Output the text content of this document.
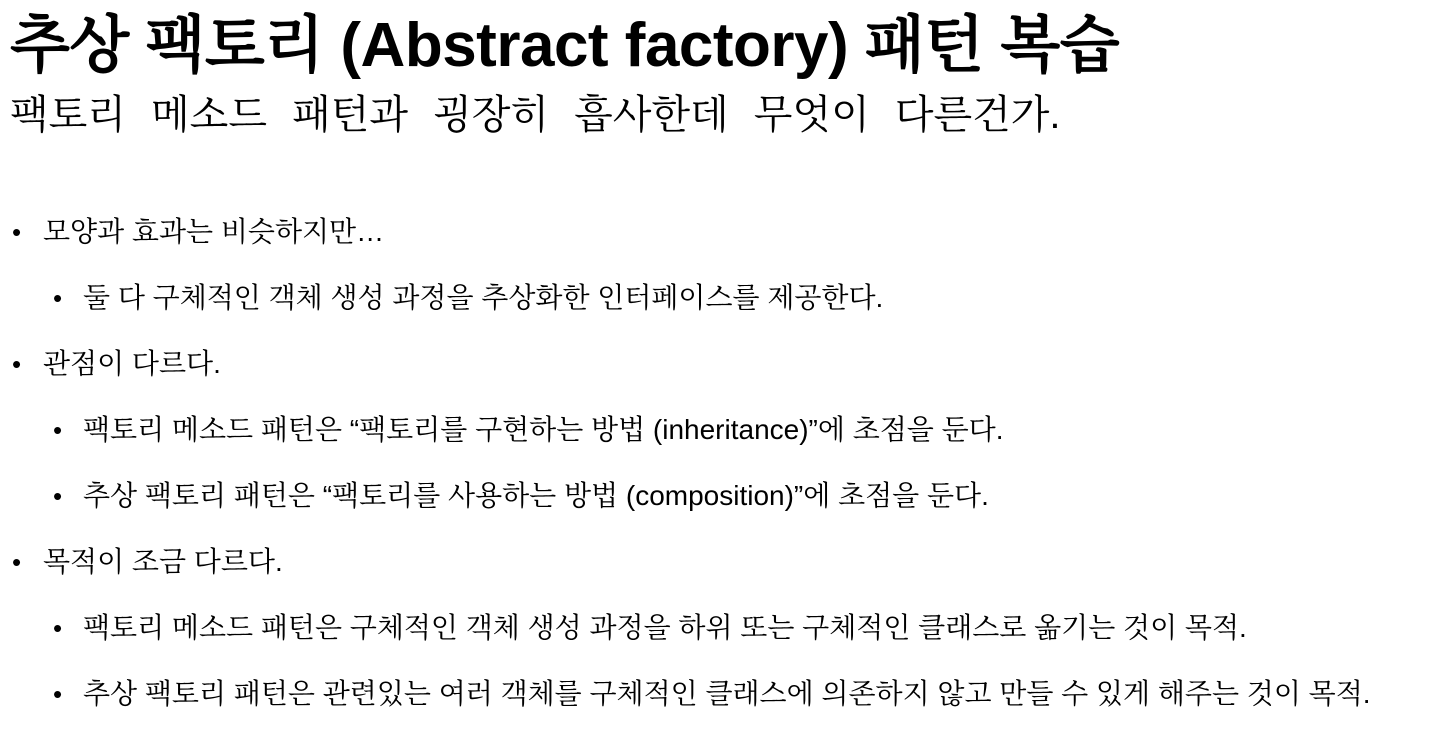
추상 팩토리 (Abstract factory) 패턴 복습
팩토리 메소드 패턴과 굉장히 흡사한데 무엇이 다른건가.
• 모양과 효과는 비슷하지만…
• 둘 다 구체적인 객체 생성 과정을 추상화한 인터페이스를 제공한다.
• 관점이 다르다.
• 팩토리 메소드 패턴은 “팩토리를 구현하는 방법 (inheritance)”에 초점을 둔다.
• 추상 팩토리 패턴은 “팩토리를 사용하는 방법 (composition)”에 초점을 둔다.
• 목적이 조금 다르다.
• 팩토리 메소드 패턴은 구체적인 객체 생성 과정을 하위 또는 구체적인 클래스로 옮기는 것이 목적.
• 추상 팩토리 패턴은 관련있는 여러 객체를 구체적인 클래스에 의존하지 않고 만들 수 있게 해주는 것이 목적.
